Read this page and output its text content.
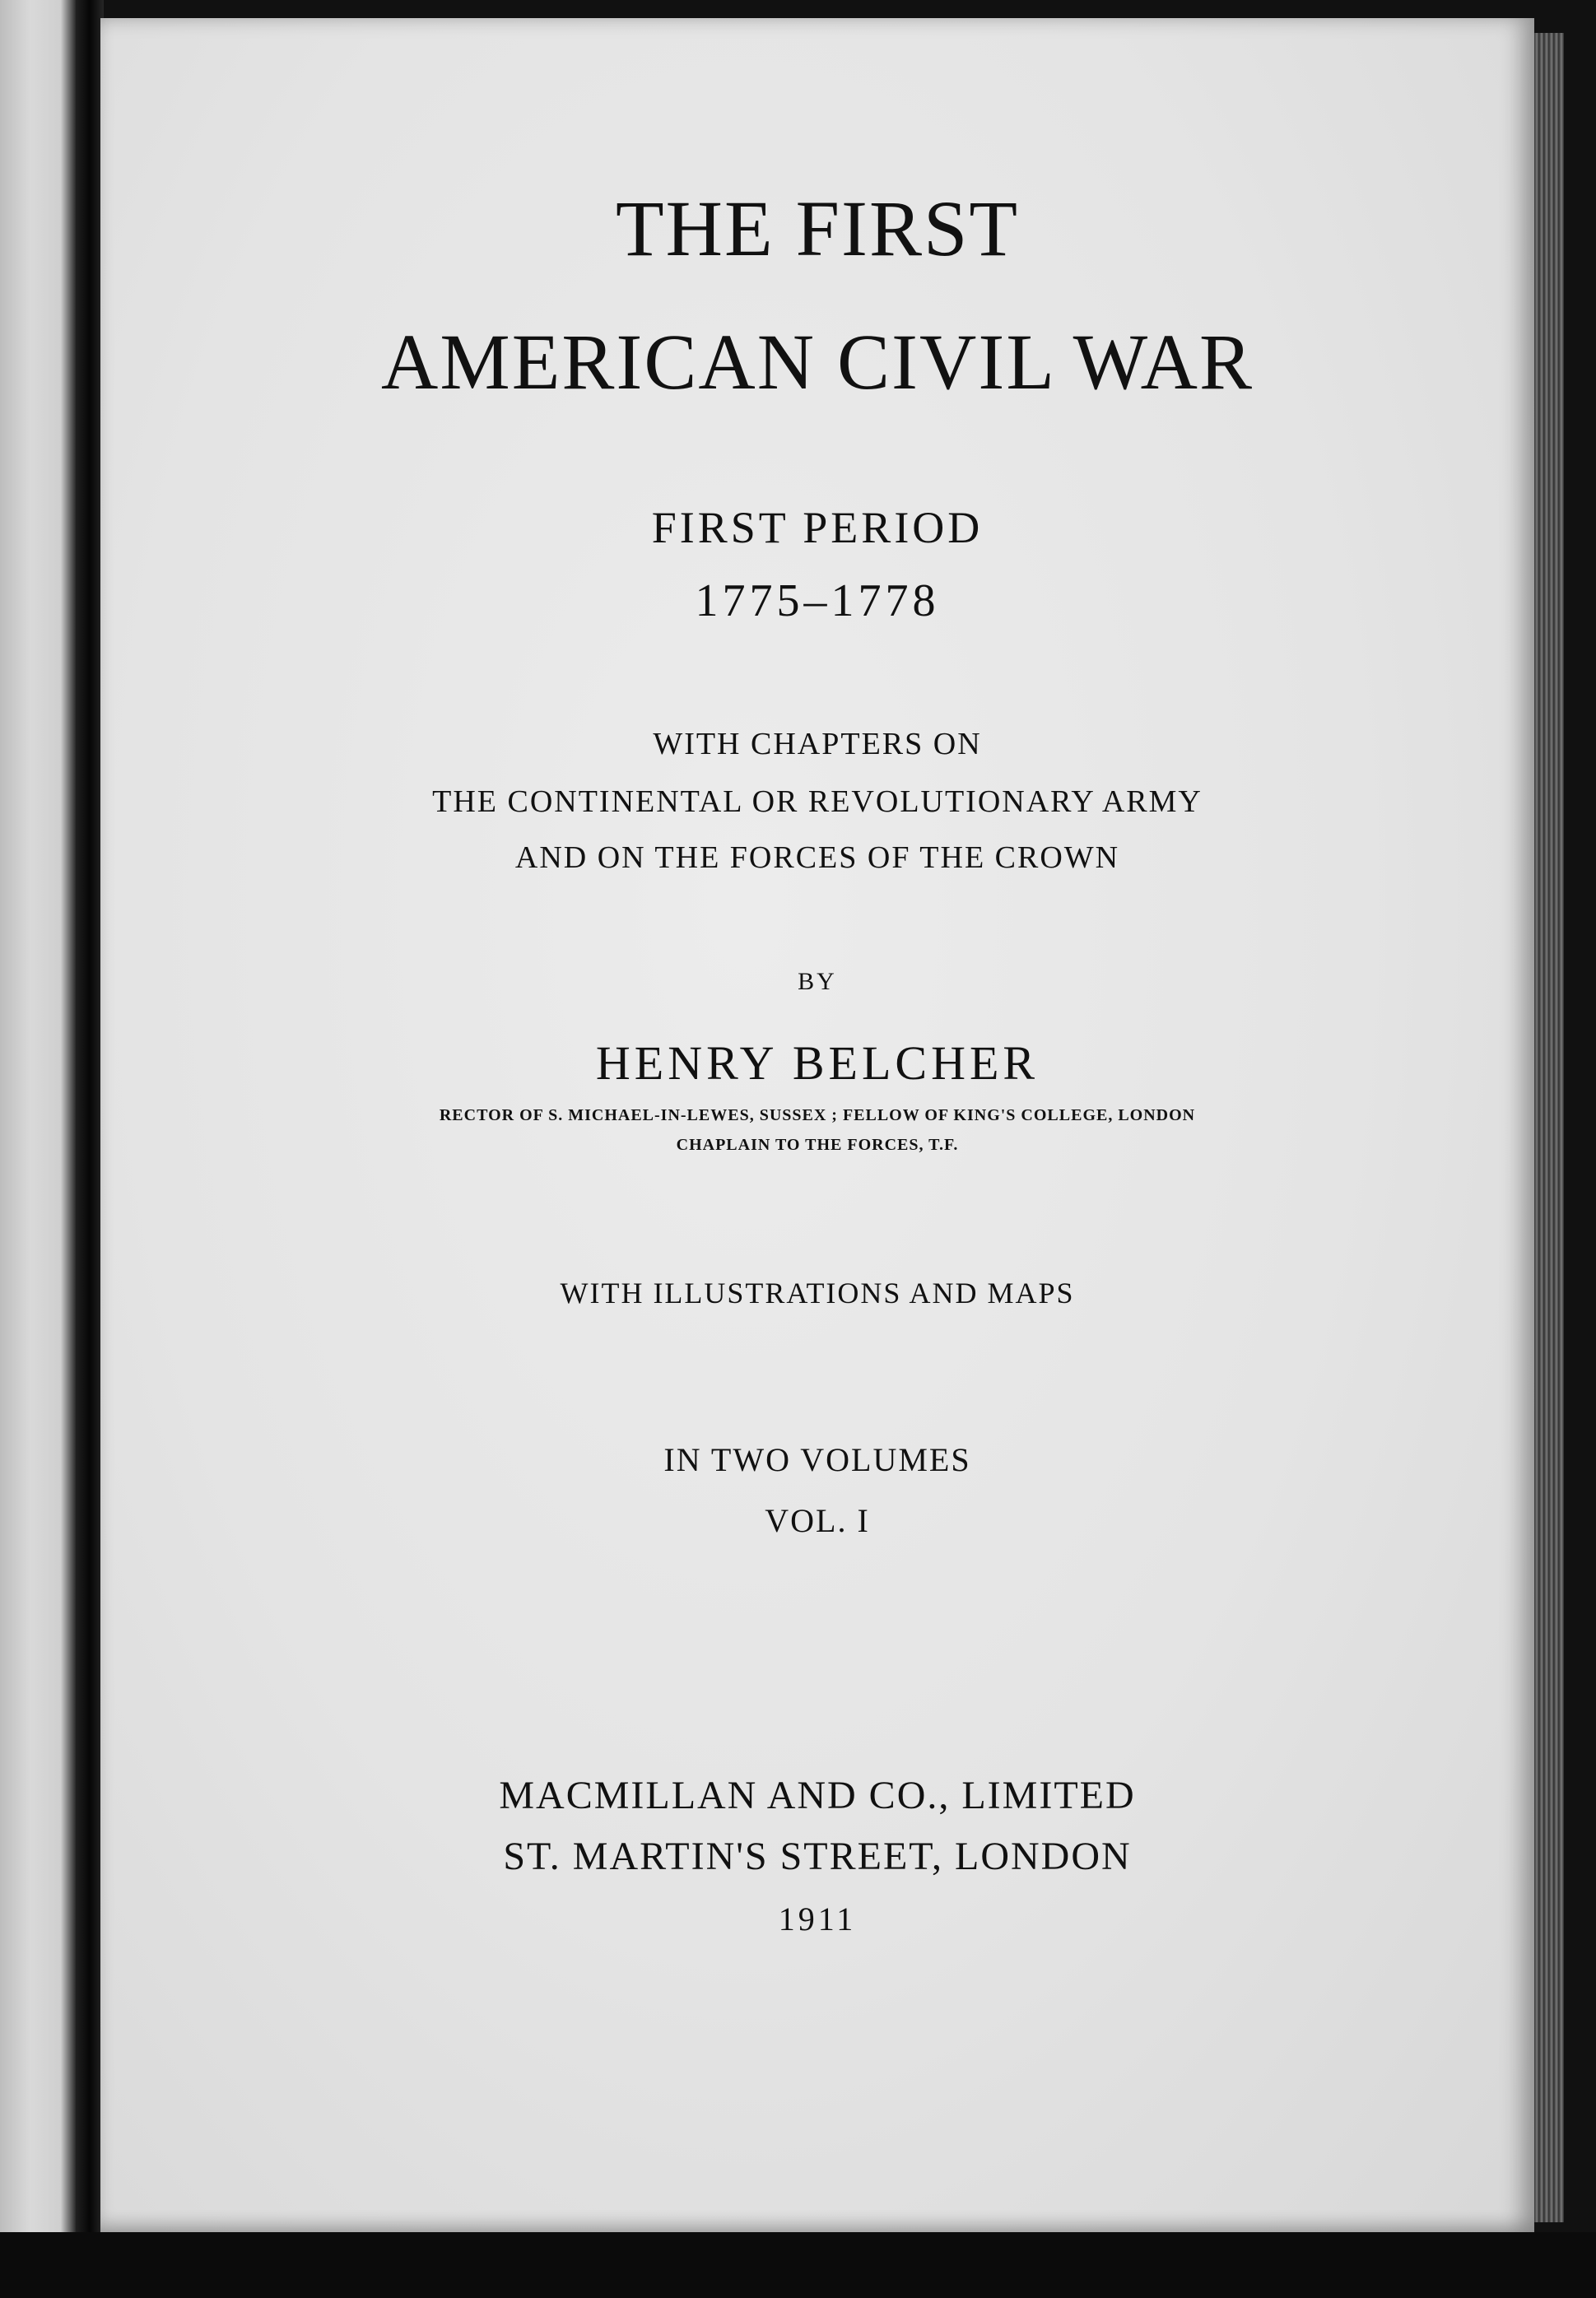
THE FIRST
AMERICAN CIVIL WAR
FIRST PERIOD
1775–1778
WITH CHAPTERS ON
THE CONTINENTAL OR REVOLUTIONARY ARMY
AND ON THE FORCES OF THE CROWN
BY
HENRY BELCHER
RECTOR OF S. MICHAEL-IN-LEWES, SUSSEX ; FELLOW OF KING'S COLLEGE, LONDON
CHAPLAIN TO THE FORCES, T.F.
WITH ILLUSTRATIONS AND MAPS
IN TWO VOLUMES
VOL. I
MACMILLAN AND CO., LIMITED
ST. MARTIN'S STREET, LONDON
1911
